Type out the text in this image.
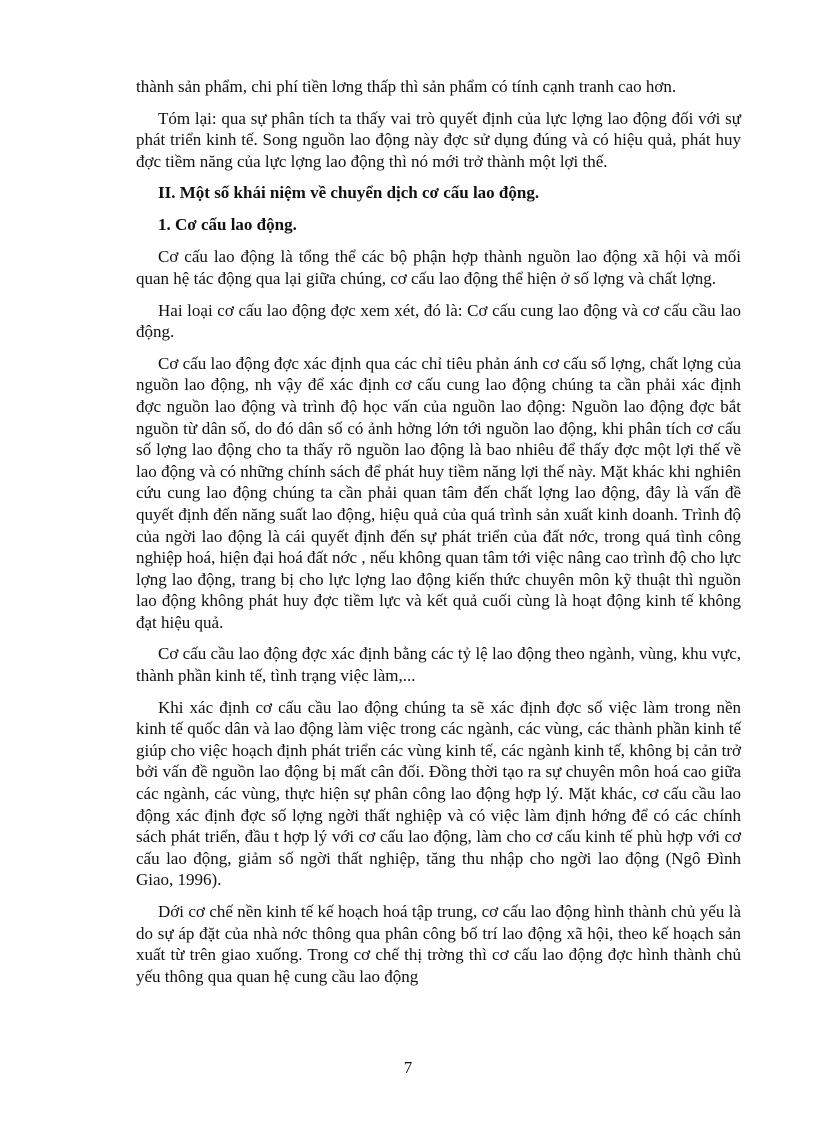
thành sản phẩm, chi phí tiền lơng thấp thì sản phẩm có tính cạnh tranh cao hơn.

Tóm lại: qua sự phân tích ta thấy vai trò quyết định của lực lợng lao động đối với sự phát triển kinh tế. Song nguồn lao động này đợc sử dụng đúng và có hiệu quả, phát huy đợc tiềm năng của lực lợng lao động thì nó mới trở thành một lợi thế.

II. Một số khái niệm về chuyển dịch cơ cấu lao động.

1. Cơ cấu lao động.

Cơ cấu lao động là tổng thể các bộ phận hợp thành nguồn lao động xã hội và mối quan hệ tác động qua lại giữa chúng, cơ cấu lao động thể hiện ở số lợng và chất lợng.

Hai loại cơ cấu lao động đợc xem xét, đó là: Cơ cấu cung lao động và cơ cấu cầu lao động.

Cơ cấu lao động đợc xác định qua các chỉ tiêu phản ánh cơ cấu số lợng, chất lợng của nguồn lao động, nh vậy để xác định cơ cấu cung lao động chúng ta cần phải xác định đợc nguồn lao động và trình độ học vấn của nguồn lao động: Nguồn lao động đợc bắt nguồn từ dân số, do đó dân số có ảnh hởng lớn tới nguồn lao động, khi phân tích cơ cấu số lợng lao động cho ta thấy rõ nguồn lao động là bao nhiêu để thấy đợc một lợi thế về lao động và có những chính sách để phát huy tiềm năng lợi thế này. Mặt khác khi nghiên cứu cung lao động chúng ta cần phải quan tâm đến chất lợng lao động, đây là vấn đề quyết định đến năng suất lao động, hiệu quả của quá trình sản xuất kinh doanh. Trình độ của ngời lao động là cái quyết định đến sự phát triển của đất nớc, trong quá tình công nghiệp hoá, hiện đại hoá đất nớc , nếu không quan tâm tới việc nâng cao trình độ cho lực lợng lao động, trang bị cho lực lợng lao động kiến thức chuyên môn kỹ thuật thì nguồn lao động không phát huy đợc tiềm lực và kết quả cuối cùng là hoạt động kinh tế không đạt hiệu quả.

Cơ cấu cầu lao động đợc xác định bằng các tỷ lệ lao động theo ngành, vùng, khu vực, thành phần kinh tế, tình trạng việc làm,...

Khi xác định cơ cấu cầu lao động chúng ta sẽ xác định đợc số việc làm trong nền kinh tế quốc dân và lao động làm việc trong các ngành, các vùng, các thành phần kinh tế giúp cho việc hoạch định phát triển các vùng kinh tế, các ngành kinh tế, không bị cản trở bởi vấn đề nguồn lao động bị mất cân đối. Đồng thời tạo ra sự chuyên môn hoá cao giữa các ngành, các vùng, thực hiện sự phân công lao động hợp lý. Mặt khác, cơ cấu cầu lao động xác định đợc số lợng ngời thất nghiệp và có việc làm định hớng để có các chính sách phát triển, đầu t hợp lý với cơ cấu lao động, làm cho cơ cấu kinh tế phù hợp với cơ cấu lao động, giảm số ngời thất nghiệp, tăng thu nhập cho ngời lao động (Ngô Đình Giao, 1996).

Dới cơ chế nền kinh tế kế hoạch hoá tập trung, cơ cấu lao động hình thành chủ yếu là do sự áp đặt của nhà nớc thông qua phân công bố trí lao động xã hội, theo kế hoạch sản xuất từ trên giao xuống. Trong cơ chế thị trờng thì cơ cấu lao động đợc hình thành chủ yếu thông qua quan hệ cung cầu lao động

7
